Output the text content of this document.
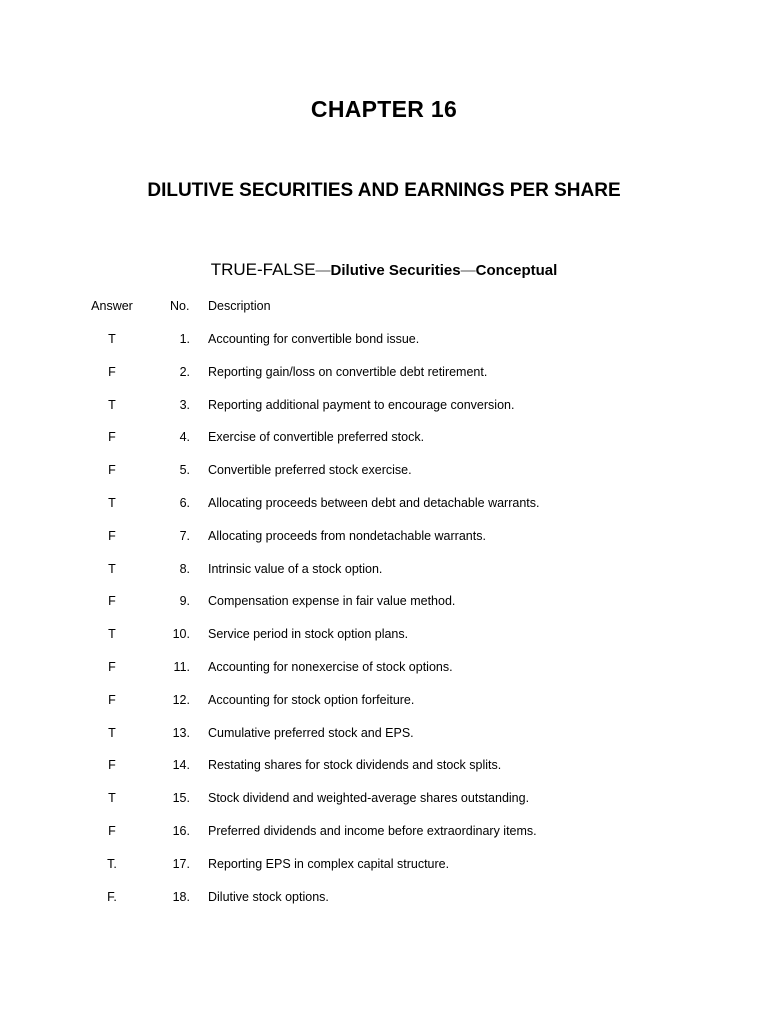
CHAPTER 16
DILUTIVE SECURITIES AND EARNINGS PER SHARE
TRUE-FALSE—Dilutive Securities—Conceptual
Answer	No.	Description
T	1. Accounting for convertible bond issue.
F	2. Reporting gain/loss on convertible debt retirement.
T	3. Reporting additional payment to encourage conversion.
F	4. Exercise of convertible preferred stock.
F	5. Convertible preferred stock exercise.
T	6. Allocating proceeds between debt and detachable warrants.
F	7. Allocating proceeds from nondetachable warrants.
T	8. Intrinsic value of a stock option.
F	9. Compensation expense in fair value method.
T	10. Service period in stock option plans.
F	11. Accounting for nonexercise of stock options.
F	12. Accounting for stock option forfeiture.
T	13. Cumulative preferred stock and EPS.
F	14. Restating shares for stock dividends and stock splits.
T	15. Stock dividend and weighted-average shares outstanding.
F	16. Preferred dividends and income before extraordinary items.
T.	17. Reporting EPS in complex capital structure.
F.	18. Dilutive stock options.
